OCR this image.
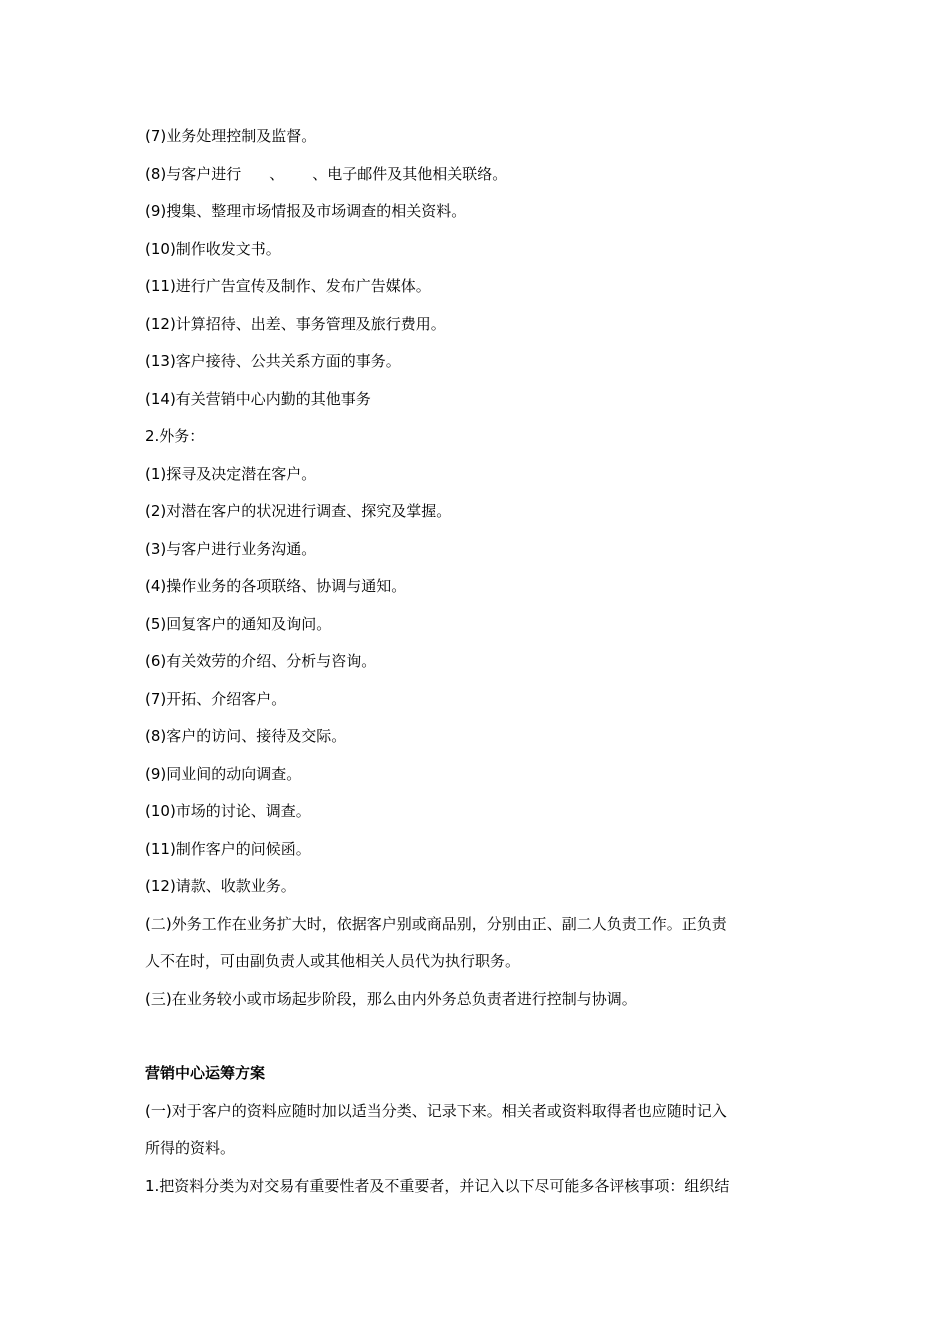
(7)业务处理控制及监督。
(8)与客户进行 、 、电子邮件及其他相关联络。
(9)搜集、整理市场情报及市场调查的相关资料。
(10)制作收发文书。
(11)进行广告宣传及制作、发布广告媒体。
(12)计算招待、出差、事务管理及旅行费用。
(13)客户接待、公共关系方面的事务。
(14)有关营销中心内勤的其他事务
2.外务：
(1)探寻及决定潜在客户。
(2)对潜在客户的状况进行调查、探究及掌握。
(3)与客户进行业务沟通。
(4)操作业务的各项联络、协调与通知。
(5)回复客户的通知及询问。
(6)有关效劳的介绍、分析与咨询。
(7)开拓、介绍客户。
(8)客户的访问、接待及交际。
(9)同业间的动向调查。
(10)市场的讨论、调查。
(11)制作客户的问候函。
(12)请款、收款业务。
(二)外务工作在业务扩大时，依据客户别或商品别，分别由正、副二人负责工作。正负责
人不在时，可由副负责人或其他相关人员代为执行职务。
(三)在业务较小或市场起步阶段，那么由内外务总负责者进行控制与协调。
营销中心运筹方案
(一)对于客户的资料应随时加以适当分类、记录下来。相关者或资料取得者也应随时记入
所得的资料。
1.把资料分类为对交易有重要性者及不重要者，并记入以下尽可能多各评核事项：组织结
